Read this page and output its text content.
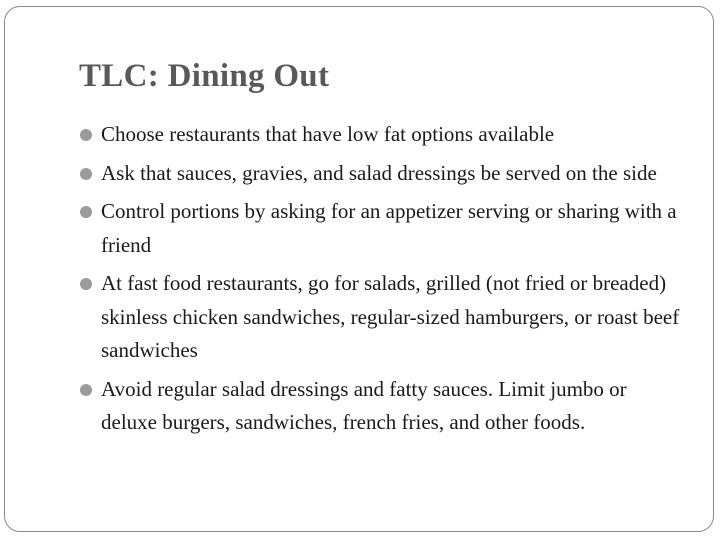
TLC: Dining Out
Choose restaurants that have low fat options available
Ask that sauces, gravies, and salad dressings be served on the side
Control portions by asking for an appetizer serving or sharing with a friend
At fast food restaurants, go for salads, grilled (not fried or breaded) skinless chicken sandwiches, regular-sized hamburgers, or roast beef sandwiches
Avoid regular salad dressings and fatty sauces. Limit jumbo or deluxe burgers, sandwiches, french fries, and other foods.
